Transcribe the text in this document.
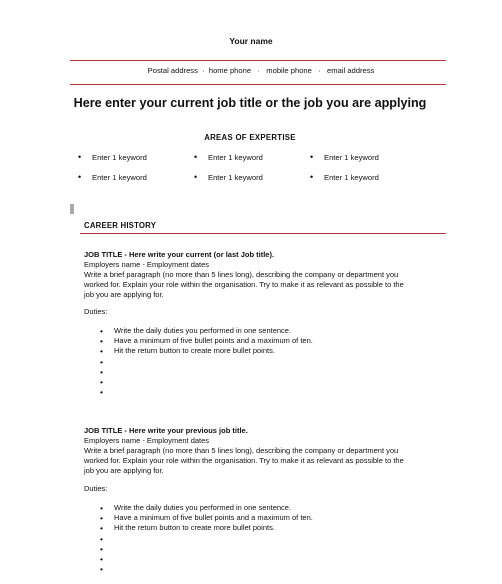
Your name
Postal address  ·  home phone   ·   mobile phone   ·   email address
Here enter your current job title or the job you are applying
AREAS OF EXPERTISE
• Enter 1 keyword	• Enter 1 keyword	• Enter 1 keyword
• Enter 1 keyword	• Enter 1 keyword	• Enter 1 keyword
CAREER HISTORY

JOB TITLE - Here write your current (or last Job title).

Employers name - Employment dates

Write a brief paragraph (no more than 5 lines long), describing the company or department you

worked for. Explain your role within the organisation. Try to make it as relevant as possible to the

job you are applying for.

Duties:
• Write the daily duties you performed in one sentence.
• Have a minimum of five bullet points and a maximum of ten.
• Hit the return button to create more bullet points.
•
•
•
•

JOB TITLE - Here write your previous job title.

Employers name - Employment dates

Write a brief paragraph (no more than 5 lines long), describing the company or department you

worked for. Explain your role within the organisation. Try to make it as relevant as possible to the

job you are applying for.

Duties:
• Write the daily duties you performed in one sentence.
• Have a minimum of five bullet points and a maximum of ten.
• Hit the return button to create more bullet points.
•
•
•
•
